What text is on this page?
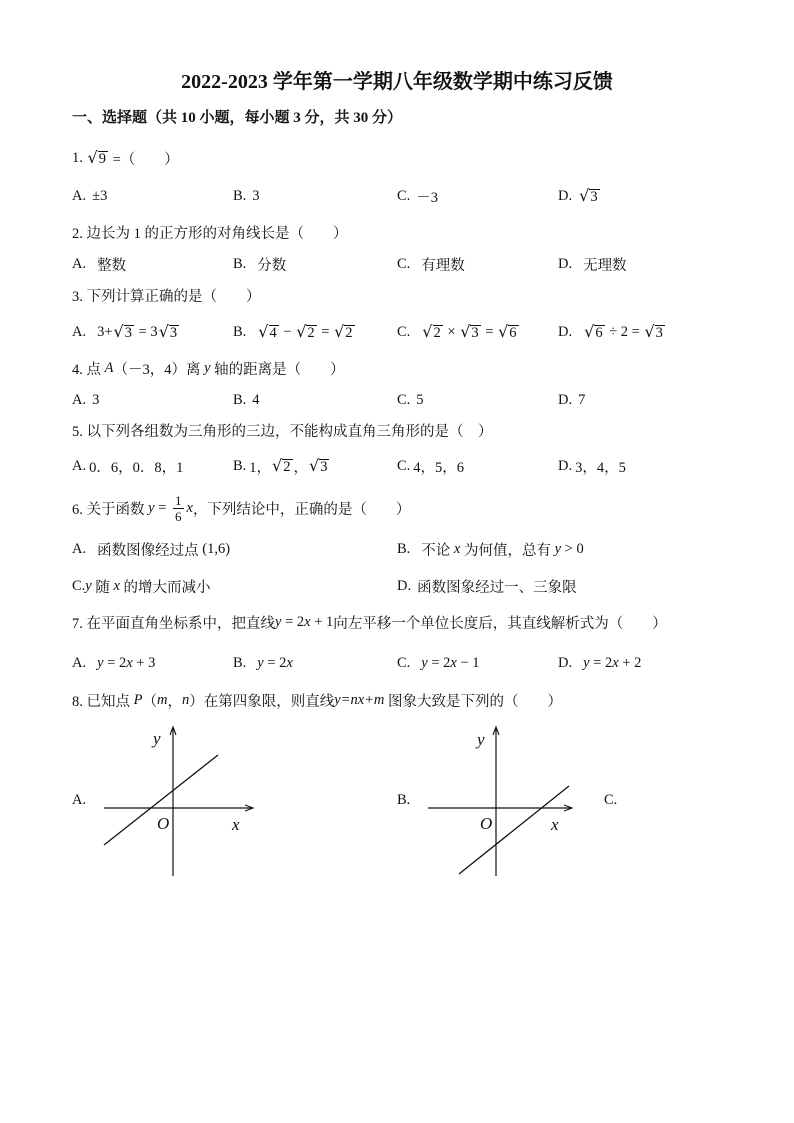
2022-2023 学年第一学期八年级数学期中练习反馈
一、选择题（共 10 小题，每小题 3 分，共 30 分）
1. √ 9 =（　　）
A. ±3	B. 3	C. －3	D. √ 3
2. 边长为 1 的正方形的对角线长是（　　）
A. 整数	B. 分数	C. 有理数	D. 无理数
3. 下列计算正确的是（　　）
A. 3+ √ 3 = 3 √ 3	B. √ 4 − √ 2 = √ 2	C. √ 2 × √ 3 = √ 6	D. √ 6 ÷ 2 = √ 3
4. 点 A （－3，4）离 y 轴的距离是（　　）
A. 3	B. 4	C. 5	D. 7
5. 以下列各组数为三角形的三边，不能构成直角三角形的是（　）
A. 0．6，0．8，1	B. 1， √ 2 ， √ 3	C. 4，5，6	D. 3，4，5
6. 关于函数 $y = \frac{1}{6}$ x ，下列结论中，正确的是（　　）
A. 函数图像经过点 (1,6)	B. 不论 x 为何值，总有 y > 0
C. y 随 x 的增大而减小	D. 函数图象经过一、三象限
7. 在平面直角坐标系中，把直线 y = 2 x + 1 向左平移一个单位长度后，其直线解析式为（　　）
A. y = 2 x + 3	B. y = 2 x	C. y = 2 x − 1	D. y = 2 x + 2
8. 已知点 P （ m ， n ）在第四象限，则直线 y=nx+m 图象大致是下列的（　　）
A.	B.	C.
y
O	x
y
O	x
